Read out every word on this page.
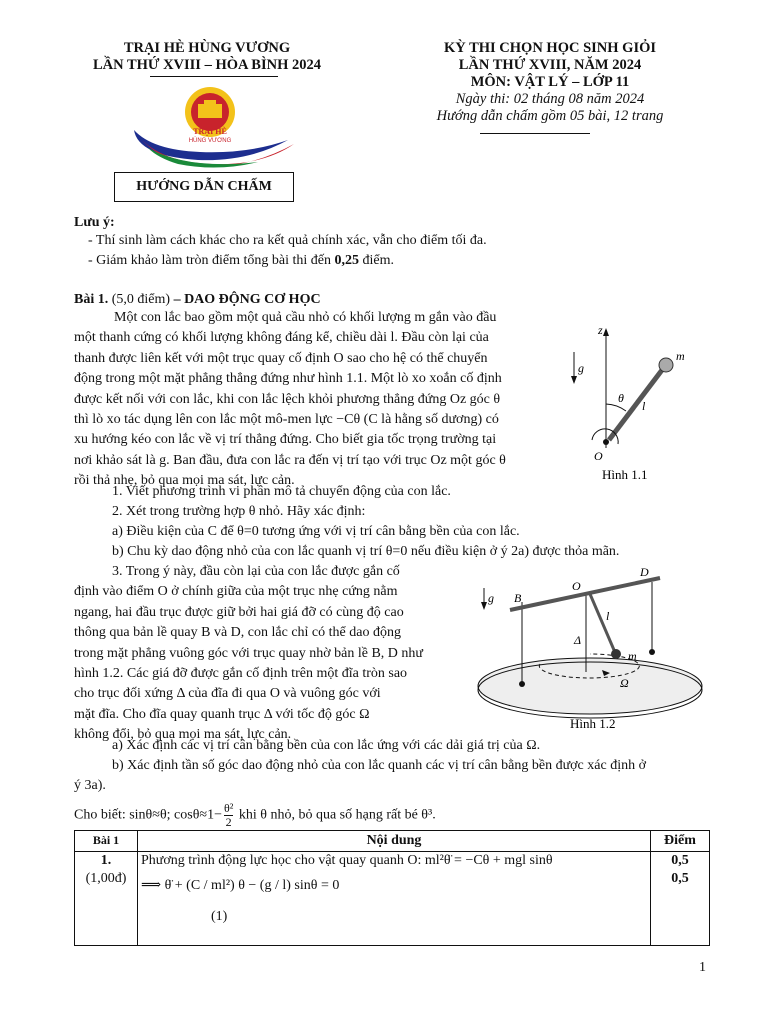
TRẠI HÈ HÙNG VƯƠNG
LẦN THỨ XVIII – HÒA BÌNH 2024
TRẠI HÈ
HÙNG VƯƠNG
HƯỚNG DẪN CHẤM
KỲ THI CHỌN HỌC SINH GIỎI
LẦN THỨ XVIII, NĂM 2024
MÔN: VẬT LÝ – LỚP 11
Ngày thi: 02 tháng 08 năm 2024
Hướng dẫn chấm gồm 05 bài, 12 trang
Lưu ý:
- Thí sinh làm cách khác cho ra kết quả chính xác, vẫn cho điểm tối đa.
- Giám khảo làm tròn điểm tổng bài thi đến 0,25 điểm.
Bài 1. (5,0 điểm) – DAO ĐỘNG CƠ HỌC
Một con lắc bao gồm một quả cầu nhỏ có khối lượng m gắn vào đầu
một thanh cứng có khối lượng không đáng kể, chiều dài l. Đầu còn lại của
thanh được liên kết với một trục quay cố định O sao cho hệ có thể chuyển
động trong một mặt phẳng thẳng đứng như hình 1.1. Một lò xo xoắn cố định
được kết nối với con lắc, khi con lắc lệch khỏi phương thẳng đứng Oz góc θ
thì lò xo tác dụng lên con lắc một mô-men lực −Cθ (C là hằng số dương) có
xu hướng kéo con lắc về vị trí thẳng đứng. Cho biết gia tốc trọng trường tại
nơi khảo sát là g. Ban đầu, đưa con lắc ra đến vị trí tạo với trục Oz một góc θ
rồi thả nhẹ, bỏ qua mọi ma sát, lực cản.
z
g
m
θ
l
O
Hình 1.1
1. Viết phương trình vi phân mô tả chuyển động của con lắc.
2. Xét trong trường hợp θ nhỏ. Hãy xác định:
a) Điều kiện của C để θ=0 tương ứng với vị trí cân bằng bền của con lắc.
b) Chu kỳ dao động nhỏ của con lắc quanh vị trí θ=0 nếu điều kiện ở ý 2a) được thỏa mãn.
3. Trong ý này, đầu còn lại của con lắc được gắn cố
định vào điểm O ở chính giữa của một trục nhẹ cứng nằm
ngang, hai đầu trục được giữ bởi hai giá đỡ có cùng độ cao
thông qua bản lề quay B và D, con lắc chỉ có thể dao động
trong mặt phẳng vuông góc với trục quay nhờ bản lề B, D như
hình 1.2. Các giá đỡ được gắn cố định trên một đĩa tròn sao
cho trục đối xứng Δ của đĩa đi qua O và vuông góc với
mặt đĩa. Cho đĩa quay quanh trục Δ với tốc độ góc Ω
không đổi, bỏ qua mọi ma sát, lực cản.
Ω
Δ
B
O
D
l
m
g
Hình 1.2
a) Xác định các vị trí cân bằng bền của con lắc ứng với các dải giá trị của Ω.
b) Xác định tần số góc dao động nhỏ của con lắc quanh các vị trí cân bằng bền được xác định ở
ý 3a).
Cho biết: sinθ≈θ; $\cos\theta\approx 1- \frac{\text{θ²}}{2}$ khi θ nhỏ, bỏ qua số hạng rất bé θ³.
Bài 1	Nội dung	Điểm
1.
(1,00đ)
Phương trình động lực học cho vật quay quanh O: ml²θ̈ = −Cθ + mgl sinθ
⟹ θ̈ + (C / ml²) θ − (g / l) sinθ = 0
(1)
0,5
0,5
1
